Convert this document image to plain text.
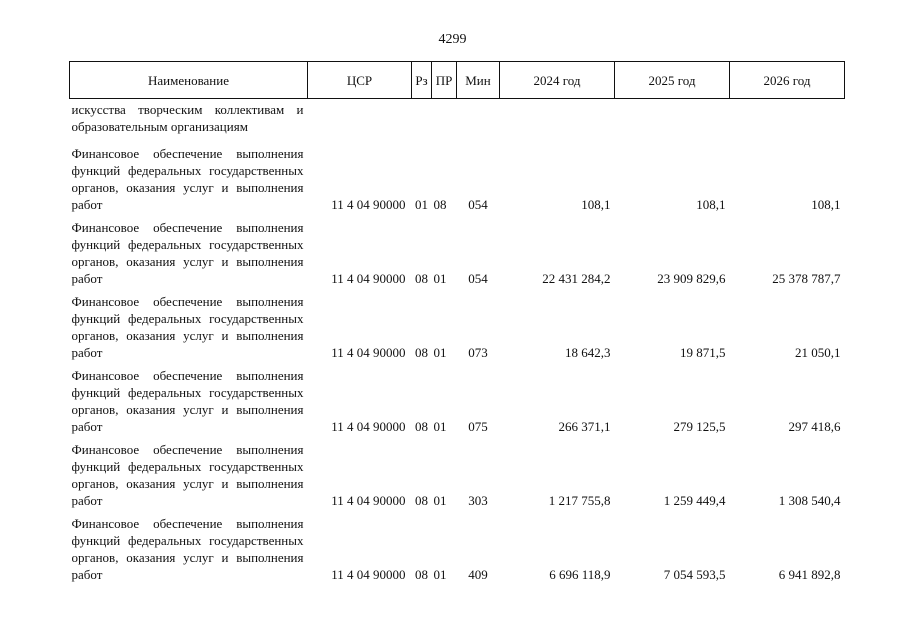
4299
Наименование	ЦСР	Рз	ПР	Мин	2024 год	2025 год	2026 год
искусства творческим коллективам и образовательным организациям							
Финансовое обеспечение выполнения функций федеральных государственных органов, оказания услуг и выполнения работ	11 4 04 90000	01	08	054	108,1	108,1	108,1
Финансовое обеспечение выполнения функций федеральных государственных органов, оказания услуг и выполнения работ	11 4 04 90000	08	01	054	22 431 284,2	23 909 829,6	25 378 787,7
Финансовое обеспечение выполнения функций федеральных государственных органов, оказания услуг и выполнения работ	11 4 04 90000	08	01	073	18 642,3	19 871,5	21 050,1
Финансовое обеспечение выполнения функций федеральных государственных органов, оказания услуг и выполнения работ	11 4 04 90000	08	01	075	266 371,1	279 125,5	297 418,6
Финансовое обеспечение выполнения функций федеральных государственных органов, оказания услуг и выполнения работ	11 4 04 90000	08	01	303	1 217 755,8	1 259 449,4	1 308 540,4
Финансовое обеспечение выполнения функций федеральных государственных органов, оказания услуг и выполнения работ	11 4 04 90000	08	01	409	6 696 118,9	7 054 593,5	6 941 892,8
